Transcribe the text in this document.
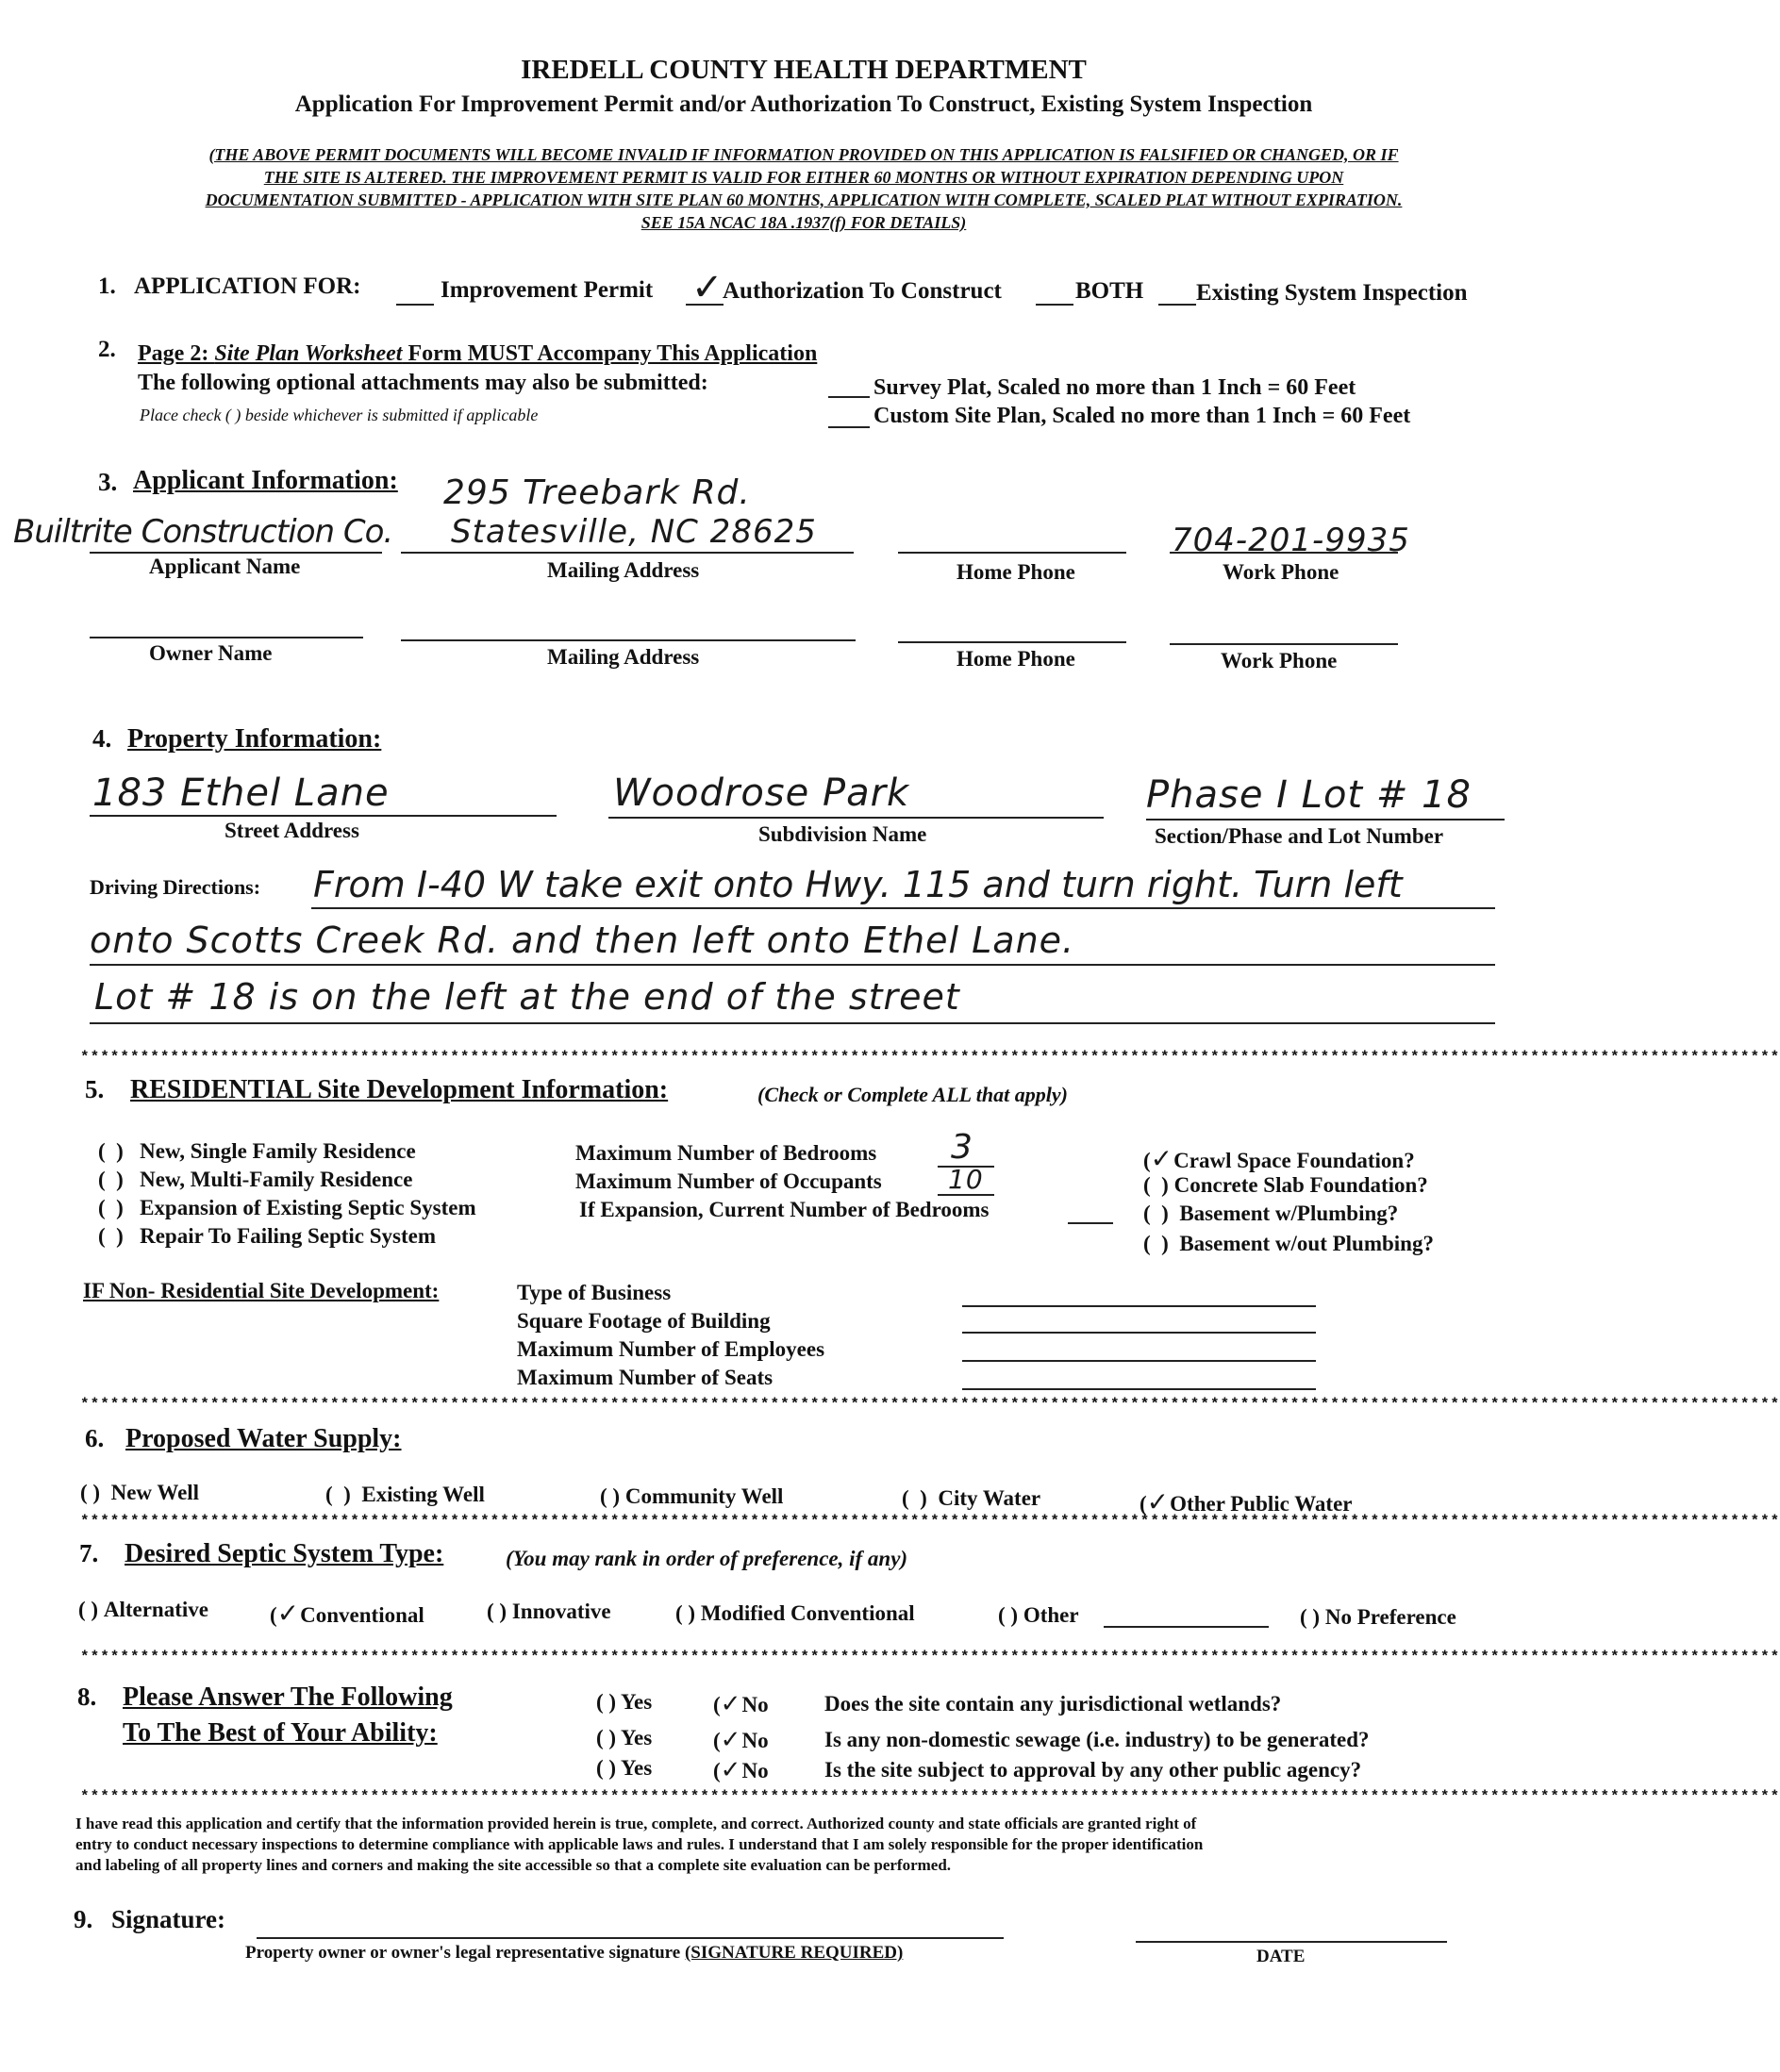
IREDELL COUNTY HEALTH DEPARTMENT
Application For Improvement Permit and/or Authorization To Construct, Existing System Inspection
(THE ABOVE PERMIT DOCUMENTS WILL BECOME INVALID IF INFORMATION PROVIDED ON THIS APPLICATION IS FALSIFIED OR CHANGED, OR IF
THE SITE IS ALTERED. THE IMPROVEMENT PERMIT IS VALID FOR EITHER 60 MONTHS OR WITHOUT EXPIRATION DEPENDING UPON
DOCUMENTATION SUBMITTED - APPLICATION WITH SITE PLAN 60 MONTHS, APPLICATION WITH COMPLETE, SCALED PLAT WITHOUT EXPIRATION.
SEE 15A NCAC 18A .1937(f) FOR DETAILS)
1. APPLICATION FOR:	Improvement Permit ✓
Authorization To Construct	BOTH Existing System Inspection
2. Page 2: Site Plan Worksheet Form MUST Accompany This Application
The following optional attachments may also be submitted:
Place check ( ) beside whichever is submitted if applicable
Survey Plat, Scaled no more than 1 Inch = 60 Feet
Custom Site Plan, Scaled no more than 1 Inch = 60 Feet
3. Applicant Information: 295 Treebark Rd.
Builtrite Construction Co. Statesville, NC 28625	704-201-9935
Applicant Name	Mailing Address	Home Phone	Work Phone
Owner Name	Mailing Address	Home Phone	Work Phone
4. Property Information:
183 Ethel Lane	Woodrose Park	Phase I Lot # 18
Street Address	Subdivision Name	Section/Phase and Lot Number
Driving Directions: From I-40 W take exit onto Hwy. 115 and turn right. Turn left
onto Scotts Creek Rd. and then left onto Ethel Lane.
Lot # 18 is on the left at the end of the street
**************************************************************************************************************************************************************************
5. RESIDENTIAL Site Development Information:	(Check or Complete ALL that apply)
(  )   New, Single Family Residence
(  )   New, Multi-Family Residence
(  )   Expansion of Existing Septic System
(  )   Repair To Failing Septic System
Maximum Number of Bedrooms 3
Maximum Number of Occupants	10
If Expansion, Current Number of Bedrooms
(✓Crawl Space Foundation?
(  ) Concrete Slab Foundation?
(  )  Basement w/Plumbing?
(  )  Basement w/out Plumbing?
IF Non- Residential Site Development:	Type of Business
Square Footage of Building
Maximum Number of Employees
Maximum Number of Seats
**************************************************************************************************************************************************************************
6. Proposed Water Supply:
( )  New Well	(  )  Existing Well	( ) Community Well	(  )  City Water	(✓Other Public Water
**************************************************************************************************************************************************************************
7. Desired Septic System Type:	(You may rank in order of preference, if any)
( ) Alternative	(✓Conventional	( ) Innovative	( ) Modified Conventional	( ) Other	( ) No Preference
**************************************************************************************************************************************************************************
8. Please Answer The Following
To The Best of Your Ability:
( ) Yes	(✓No	Does the site contain any jurisdictional wetlands?
( ) Yes	(✓No	Is any non-domestic sewage (i.e. industry) to be generated?
( ) Yes	(✓No	Is the site subject to approval by any other public agency?
**************************************************************************************************************************************************************************
I have read this application and certify that the information provided herein is true, complete, and correct. Authorized county and state officials are granted right of
entry to conduct necessary inspections to determine compliance with applicable laws and rules. I understand that I am solely responsible for the proper identification
and labeling of all property lines and corners and making the site accessible so that a complete site evaluation can be performed.
9. Signature:
Property owner or owner's legal representative signature (SIGNATURE REQUIRED)	DATE
